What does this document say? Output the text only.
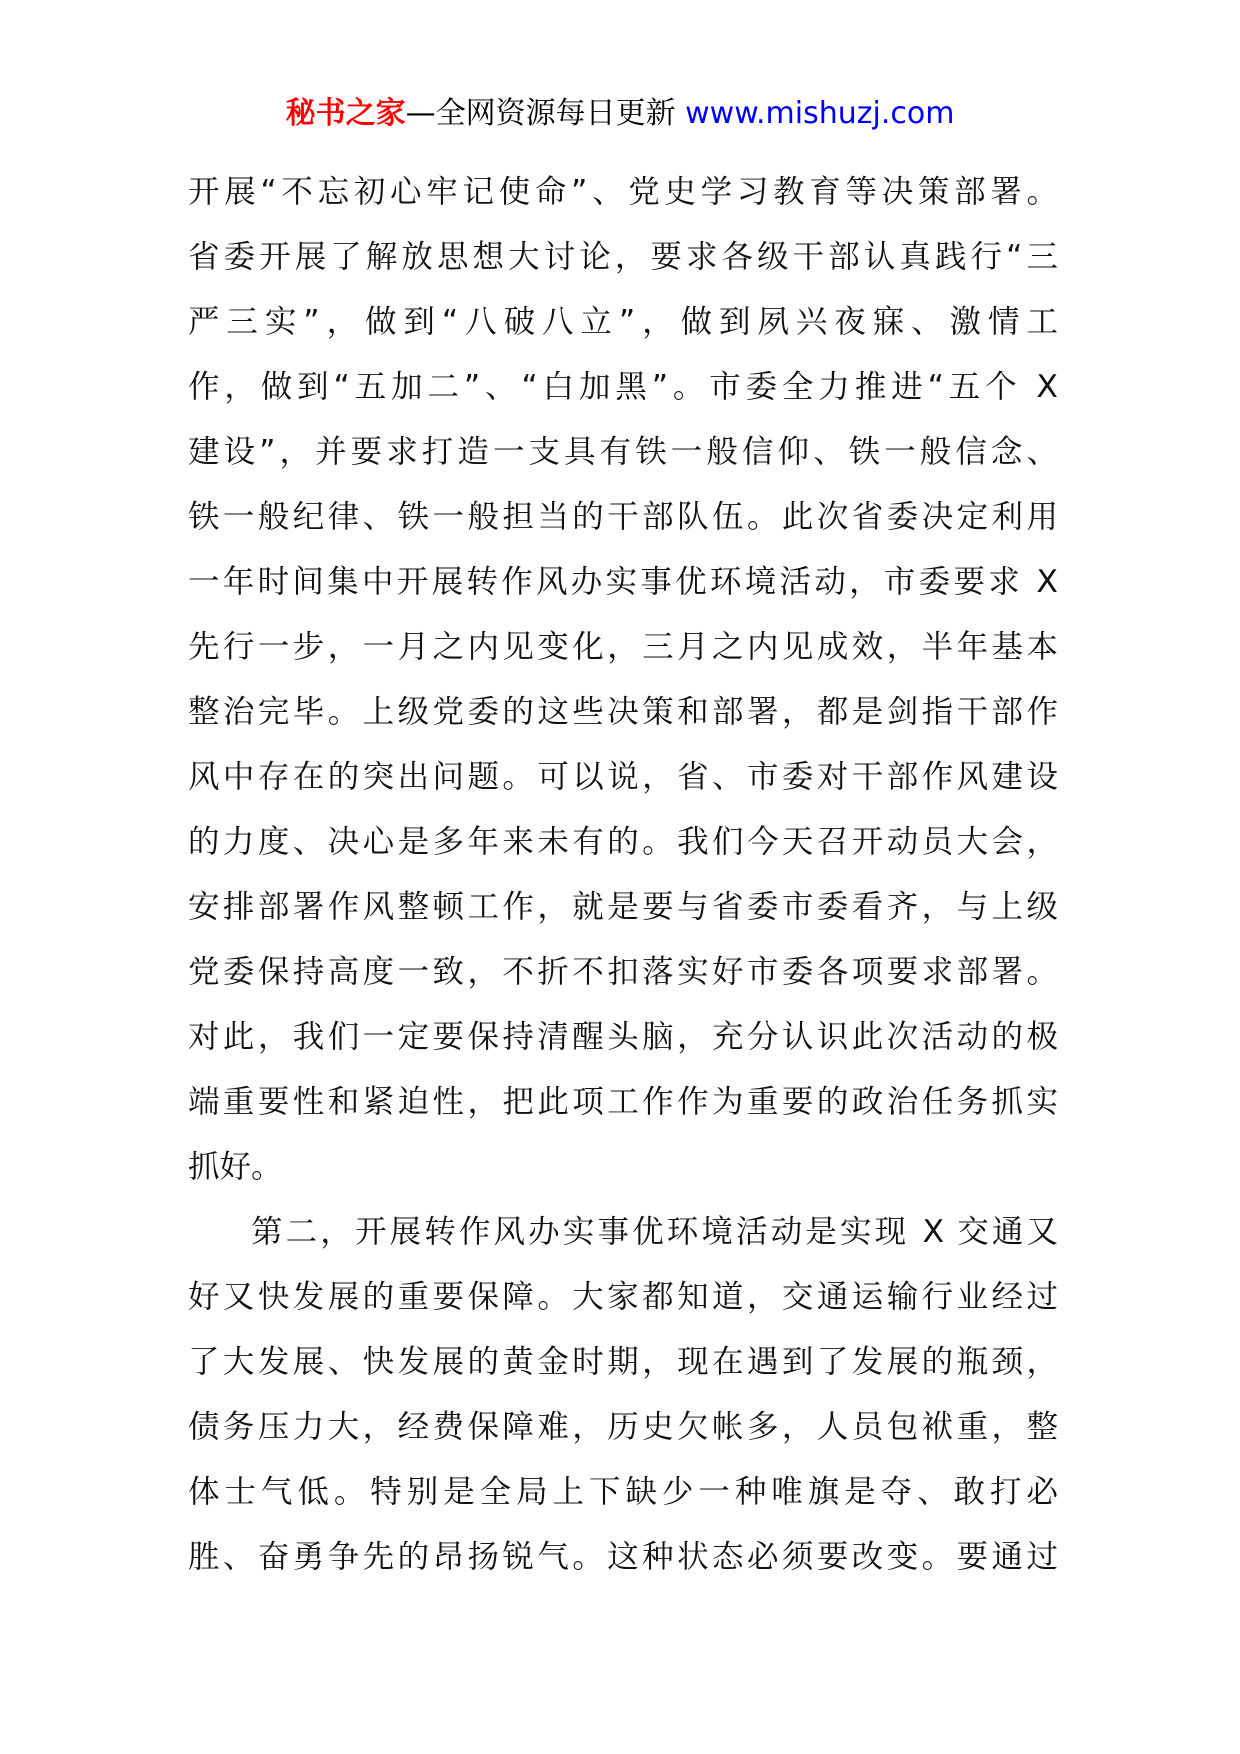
秘书之家—全网资源每日更新 www.mishuzj.com
开展“不忘初心牢记使命”、党史学习教育等决策部署。
省委开展了解放思想大讨论，要求各级干部认真践行“三
严三实”，做到“八破八立”，做到夙兴夜寐、激情工
作，做到“五加二”、“白加黑”。市委全力推进“五个 X
建设”，并要求打造一支具有铁一般信仰、铁一般信念、
铁一般纪律、铁一般担当的干部队伍。此次省委决定利用
一年时间集中开展转作风办实事优环境活动，市委要求 X
先行一步，一月之内见变化，三月之内见成效，半年基本
整治完毕。上级党委的这些决策和部署，都是剑指干部作
风中存在的突出问题。可以说，省、市委对干部作风建设
的力度、决心是多年来未有的。我们今天召开动员大会，
安排部署作风整顿工作，就是要与省委市委看齐，与上级
党委保持高度一致，不折不扣落实好市委各项要求部署。
对此，我们一定要保持清醒头脑，充分认识此次活动的极
端重要性和紧迫性，把此项工作作为重要的政治任务抓实
抓好。
第二，开展转作风办实事优环境活动是实现 X 交通又
好又快发展的重要保障。大家都知道，交通运输行业经过
了大发展、快发展的黄金时期，现在遇到了发展的瓶颈，
债务压力大，经费保障难，历史欠帐多，人员包袱重，整
体士气低。特别是全局上下缺少一种唯旗是夺、敢打必
胜、奋勇争先的昂扬锐气。这种状态必须要改变。要通过
